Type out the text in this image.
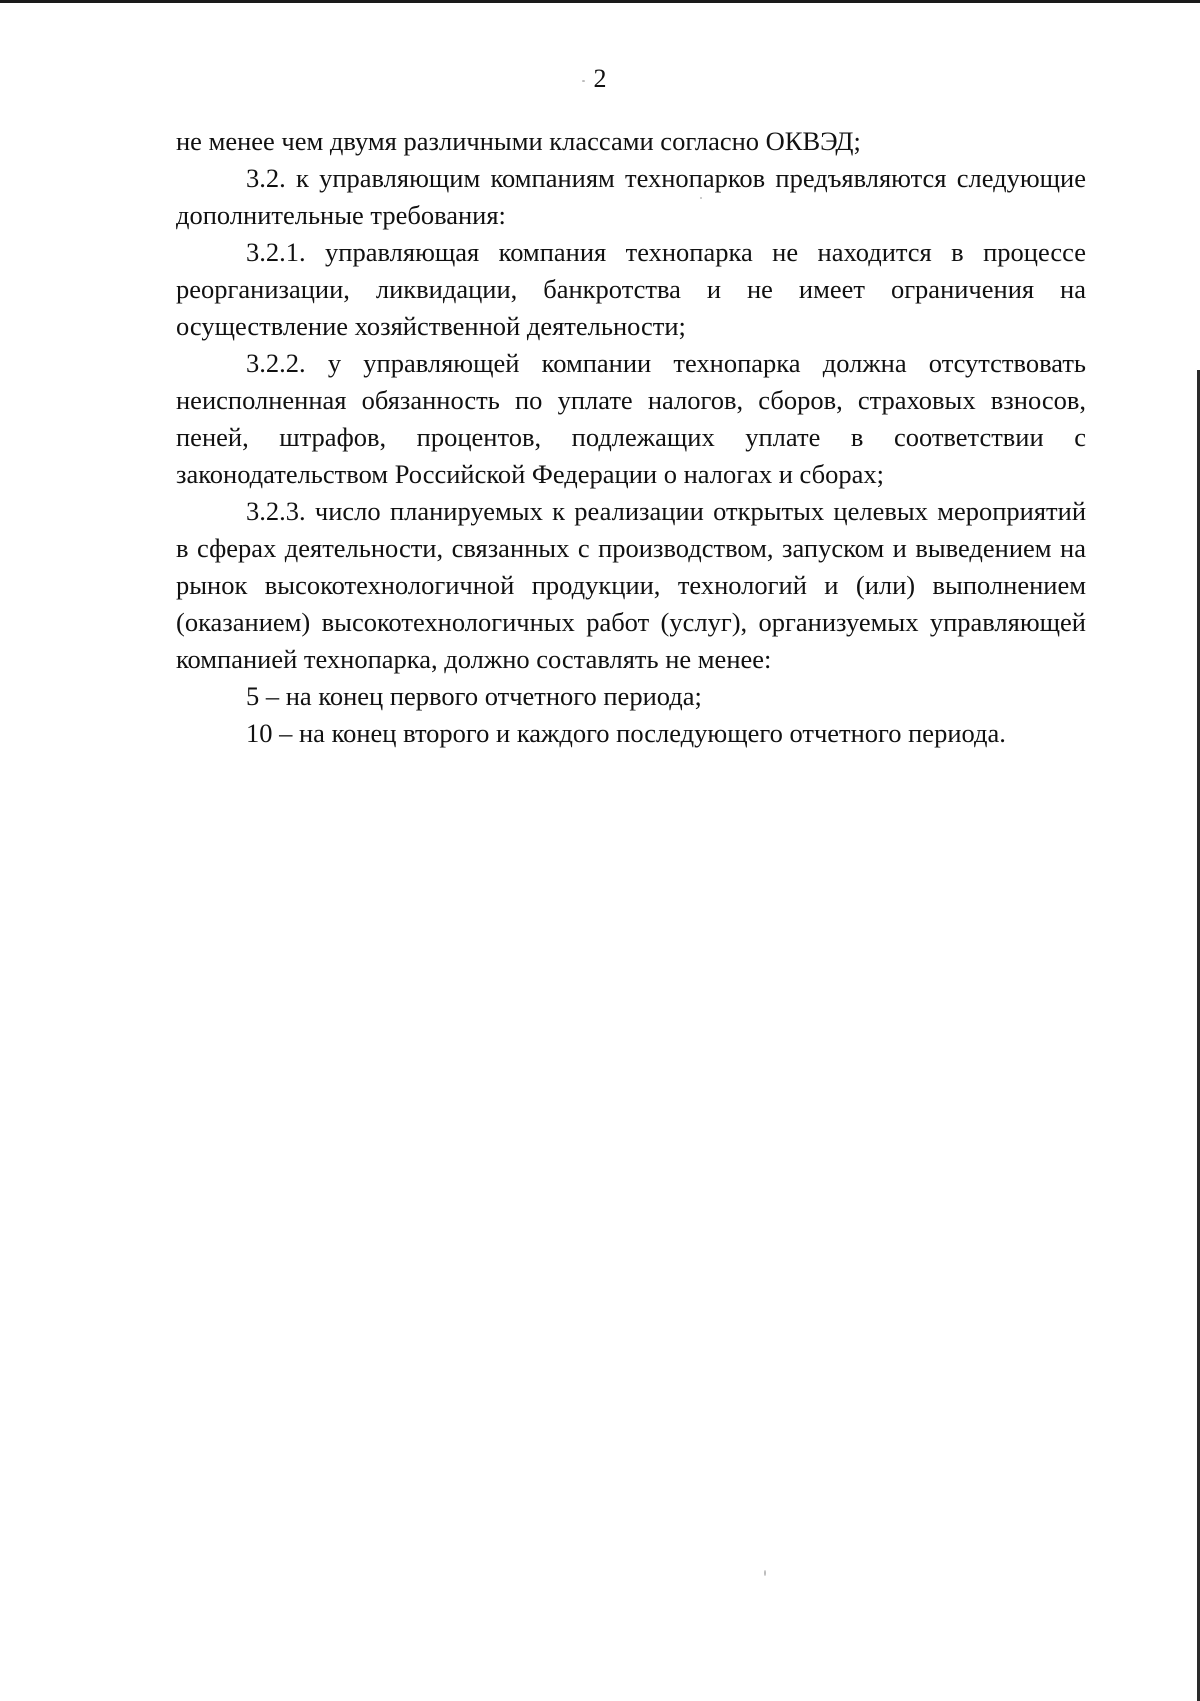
2

не менее чем двумя различными классами согласно ОКВЭД;

3.2. к управляющим компаниям технопарков предъявляются следующие дополнительные требования:

3.2.1. управляющая компания технопарка не находится в процессе реорганизации, ликвидации, банкротства и не имеет ограничения на осуществление хозяйственной деятельности;

3.2.2. у управляющей компании технопарка должна отсутствовать неисполненная обязанность по уплате налогов, сборов, страховых взносов, пеней, штрафов, процентов, подлежащих уплате в соответствии с законодательством Российской Федерации о налогах и сборах;

3.2.3. число планируемых к реализации открытых целевых мероприятий в сферах деятельности, связанных с производством, запуском и выведением на рынок высокотехнологичной продукции, технологий и (или) выполнением (оказанием) высокотехнологичных работ (услуг), организуемых управляющей компанией технопарка, должно составлять не менее:

5 – на конец первого отчетного периода;

10 – на конец второго и каждого последующего отчетного периода.
